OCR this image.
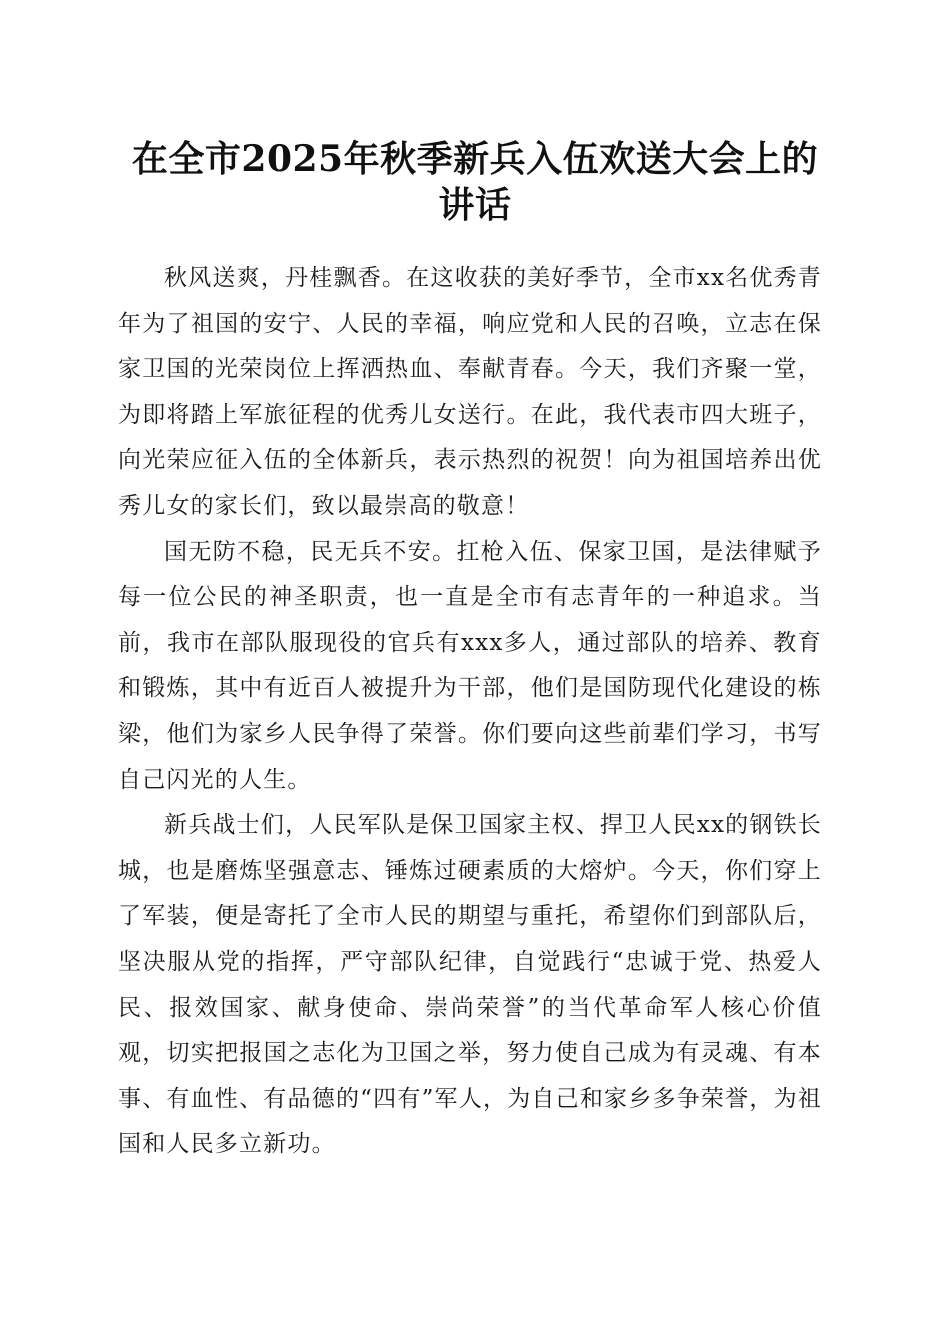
在全市2025年秋季新兵入伍欢送大会上的讲话

秋风送爽，丹桂飘香。在这收获的美好季节，全市xx名优秀青年为了祖国的安宁、人民的幸福，响应党和人民的召唤，立志在保家卫国的光荣岗位上挥洒热血、奉献青春。今天，我们齐聚一堂，为即将踏上军旅征程的优秀儿女送行。在此，我代表市四大班子，向光荣应征入伍的全体新兵，表示热烈的祝贺！向为祖国培养出优秀儿女的家长们，致以最崇高的敬意！

国无防不稳，民无兵不安。扛枪入伍、保家卫国，是法律赋予每一位公民的神圣职责，也一直是全市有志青年的一种追求。当前，我市在部队服现役的官兵有xxx多人，通过部队的培养、教育和锻炼，其中有近百人被提升为干部，他们是国防现代化建设的栋梁，他们为家乡人民争得了荣誉。你们要向这些前辈们学习，书写自己闪光的人生。

新兵战士们，人民军队是保卫国家主权、捍卫人民xx的钢铁长城，也是磨炼坚强意志、锤炼过硬素质的大熔炉。今天，你们穿上了军装，便是寄托了全市人民的期望与重托，希望你们到部队后，坚决服从党的指挥，严守部队纪律，自觉践行“忠诚于党、热爱人民、报效国家、献身使命、崇尚荣誉”的当代革命军人核心价值观，切实把报国之志化为卫国之举，努力使自己成为有灵魂、有本事、有血性、有品德的“四有”军人，为自己和家乡多争荣誉，为祖国和人民多立新功。
